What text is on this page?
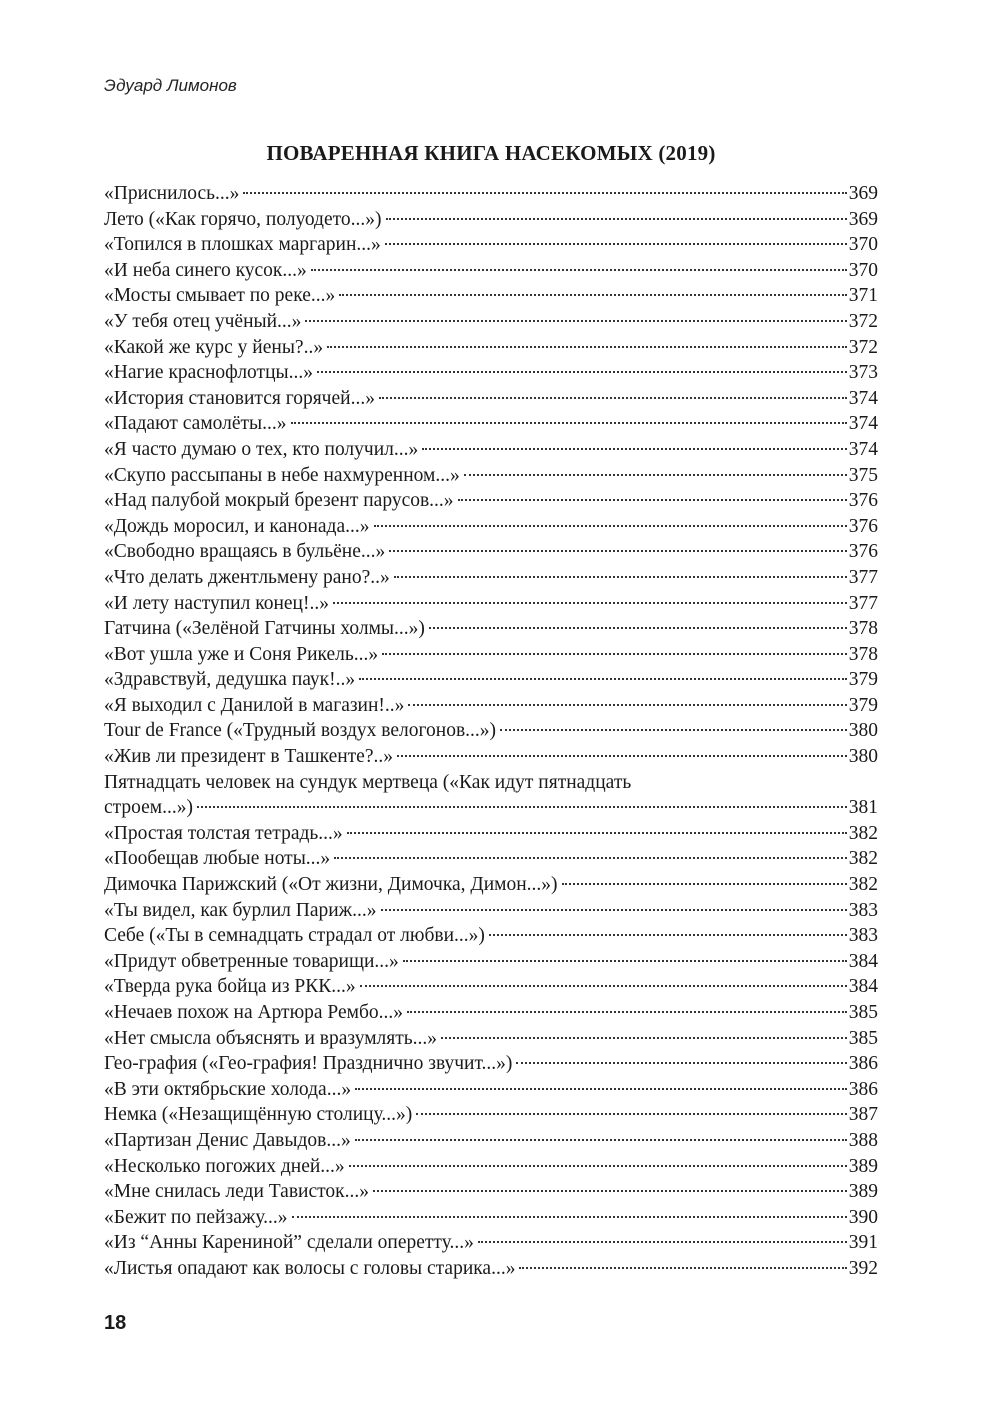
Эдуард Лимонов
ПОВАРЕННАЯ КНИГА НАСЕКОМЫХ (2019)
«Приснилось...»	369
Лето («Как горячо, полуодето...»)	369
«Топился в плошках маргарин...»	370
«И неба синего кусок...»	370
«Мосты смывает по реке...»	371
«У тебя отец учёный...»	372
«Какой же курс у йены?..»	372
«Нагие краснофлотцы...»	373
«История становится горячей...»	374
«Падают самолёты...»	374
«Я часто думаю о тех, кто получил...»	374
«Скупо рассыпаны в небе нахмуренном...»	375
«Над палубой мокрый брезент парусов...»	376
«Дождь моросил, и канонада...»	376
«Свободно вращаясь в бульёне...»	376
«Что делать джентльмену рано?..»	377
«И лету наступил конец!..»	377
Гатчина («Зелёной Гатчины холмы...»)	378
«Вот ушла уже и Соня Рикель...»	378
«Здравствуй, дедушка паук!..»	379
«Я выходил с Данилой в магазин!..»	379
Tour de France («Трудный воздух велогонов...»)	380
«Жив ли президент в Ташкенте?..»	380
Пятнадцать человек на сундук мертвеца («Как идут пятнадцать
строем...»)	381
«Простая толстая тетрадь...»	382
«Пообещав любые ноты...»	382
Димочка Парижский («От жизни, Димочка, Димон...»)	382
«Ты видел, как бурлил Париж...»	383
Себе («Ты в семнадцать страдал от любви...»)	383
«Придут обветренные товарищи...»	384
«Тверда рука бойца из РКК...»	384
«Нечаев похож на Артюра Рембо...»	385
«Нет смысла объяснять и вразумлять...»	385
Гео-графия («Гео-графия! Празднично звучит...»)	386
«В эти октябрьские холода...»	386
Немка («Незащищённую столицу...»)	387
«Партизан Денис Давыдов...»	388
«Несколько погожих дней...»	389
«Мне снилась леди Тависток...»	389
«Бежит по пейзажу...»	390
«Из “Анны Карениной” сделали оперетту...»	391
«Листья опадают как волосы с головы старика...»	392
18
